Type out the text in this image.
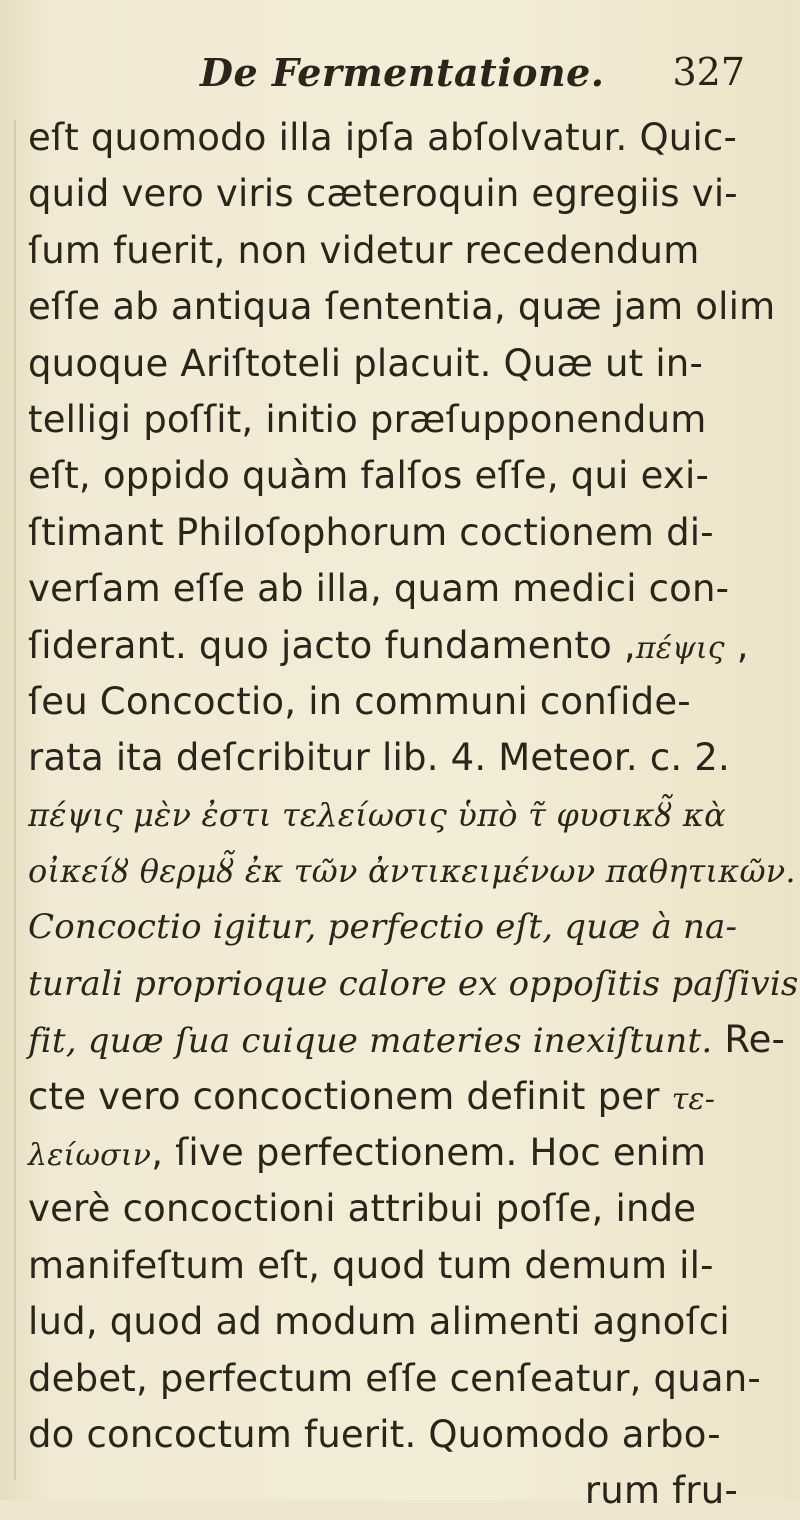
De Fermentatione. 327
eſt quomodo illa ipſa abſolvatur. Quic-
quid vero viris cæteroquin egregiis vi-
ſum fuerit, non videtur recedendum
eſſe ab antiqua ſententia, quæ jam olim
quoque Ariſtoteli placuit. Quæ ut in-
telligi poſſit, initio præſupponendum
eſt, oppido quàm falſos eſſe, qui exi-
ſtimant Philoſophorum coctionem di-
verſam eſſe ab illa, quam medici con-
ſiderant. quo jacto fundamento ,πέψις ,
ſeu Concoctio, in communi conſide-
rata ita deſcribitur lib. 4. Meteor. c. 2.
πέψις μὲν ἐστι τελείωσις ὑπὸ τ̃ φυσικȣ̃ κὰ
οἰκείȣ θερμȣ̃ ἐκ τῶν ἀντικειμένων παθητικῶν.
Concoctio igitur, perfectio eſt, quæ à na-
turali proprioque calore ex oppoſitis paſſivis
fit, quæ ſua cuique materies inexiſtunt. Re-
cte vero concoctionem definit per τε-
λείωσιν, ſive perfectionem. Hoc enim
verè concoctioni attribui poſſe, inde
manifeſtum eſt, quod tum demum il-
lud, quod ad modum alimenti agnoſci
debet, perfectum eſſe cenſeatur, quan-
do concoctum fuerit. Quomodo arbo-
rum fru-
